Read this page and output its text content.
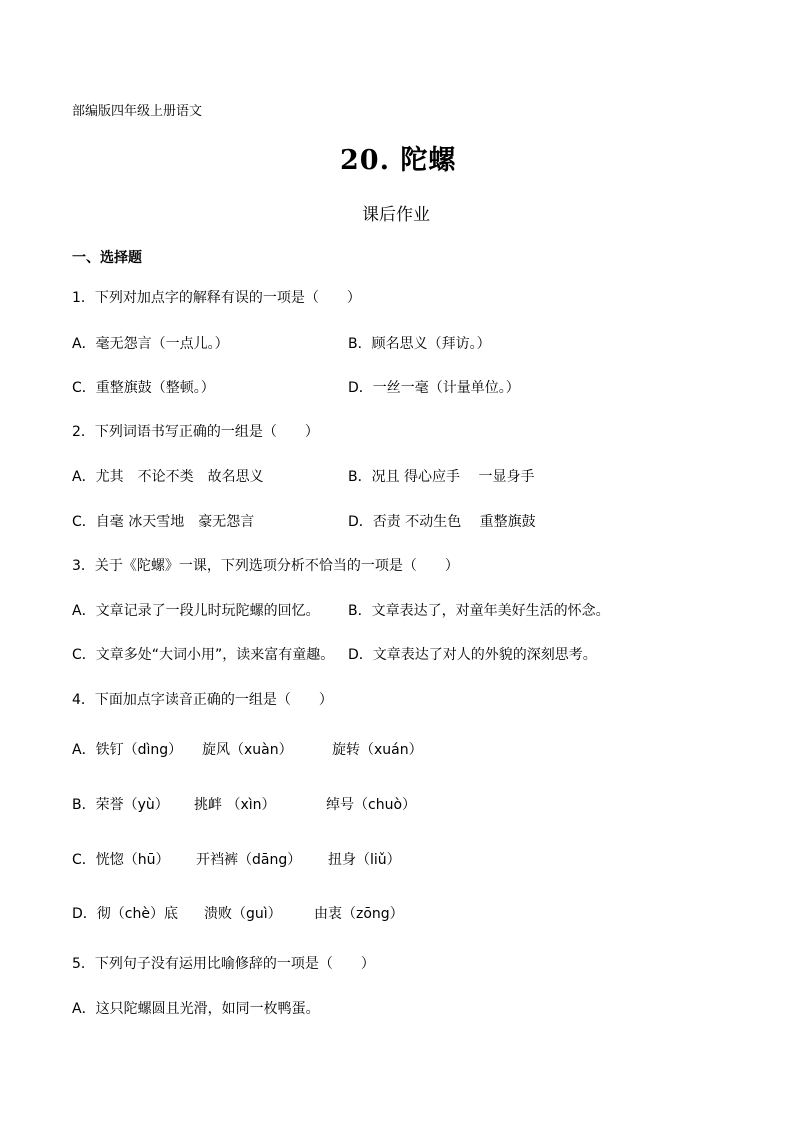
部编版四年级上册语文
20. 陀螺
课后作业
一、选择题
1．下列对加点字的解释有误的一项是（　　）
A．毫无怨言（一点儿。）	B．顾名思义（拜访。）
C．重整旗鼓（整顿。）	D．一丝一毫（计量单位。）
2．下列词语书写正确的一组是（　　）
A．尤其　不论不类　故名思义	B．况且 得心应手　 一显身手
C．自毫 冰天雪地　豪无怨言	D．否责 不动生色　 重整旗鼓
3．关于《陀螺》一课，下列选项分析不恰当的一项是（　　）
A．文章记录了一段儿时玩陀螺的回忆。 B．文章表达了，对童年美好生活的怀念。
C．文章多处“大词小用”，读来富有童趣。 D．文章表达了对人的外貌的深刻思考。
4．下面加点字读音正确的一组是（　　）
A．铁钉（dìng） 旋风（xuàn）	旋转（xuán）
B．荣誉（yù） 挑衅 （xìn）	绰号（chuò）
C．恍惚（hū） 开裆裤（dāng） 扭身（liǔ）
D．彻（chè）底 溃败（guì） 由衷（zōng）
5．下列句子没有运用比喻修辞的一项是（　　）
A．这只陀螺圆且光滑，如同一枚鸭蛋。
